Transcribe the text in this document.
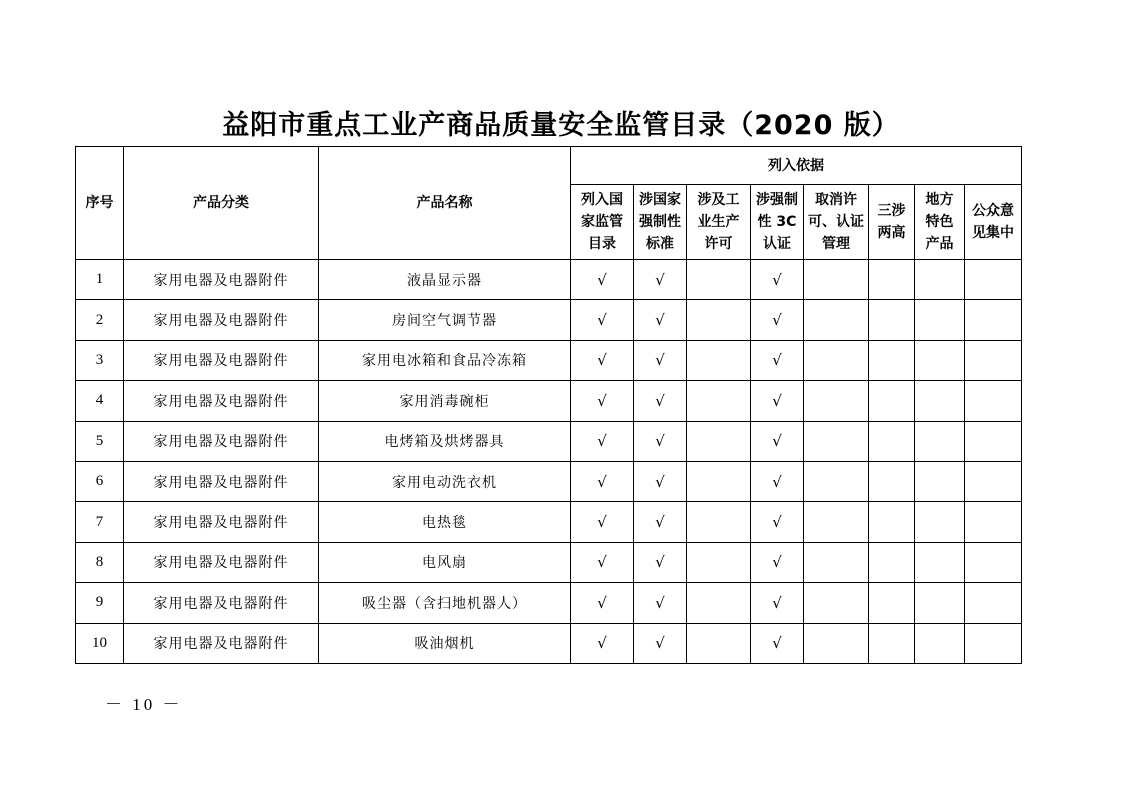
益阳市重点工业产商品质量安全监管目录（2020 版）
序号	产品分类	产品名称	列入依据							
			列入国
家监管
目录	涉国家
强制性
标准	涉及工
业生产
许可	涉强制
性 3C
认证	取消许
可、认证
管理	三涉
两高	地方
特色
产品	公众意
见集中
1	家用电器及电器附件	液晶显示器	√	√		√				
2	家用电器及电器附件	房间空气调节器	√	√		√				
3	家用电器及电器附件	家用电冰箱和食品冷冻箱	√	√		√				
4	家用电器及电器附件	家用消毒碗柜	√	√		√				
5	家用电器及电器附件	电烤箱及烘烤器具	√	√		√				
6	家用电器及电器附件	家用电动洗衣机	√	√		√				
7	家用电器及电器附件	电热毯	√	√		√				
8	家用电器及电器附件	电风扇	√	√		√				
9	家用电器及电器附件	吸尘器（含扫地机器人）	√	√		√				
10	家用电器及电器附件	吸油烟机	√	√		√				
－ 10 －
